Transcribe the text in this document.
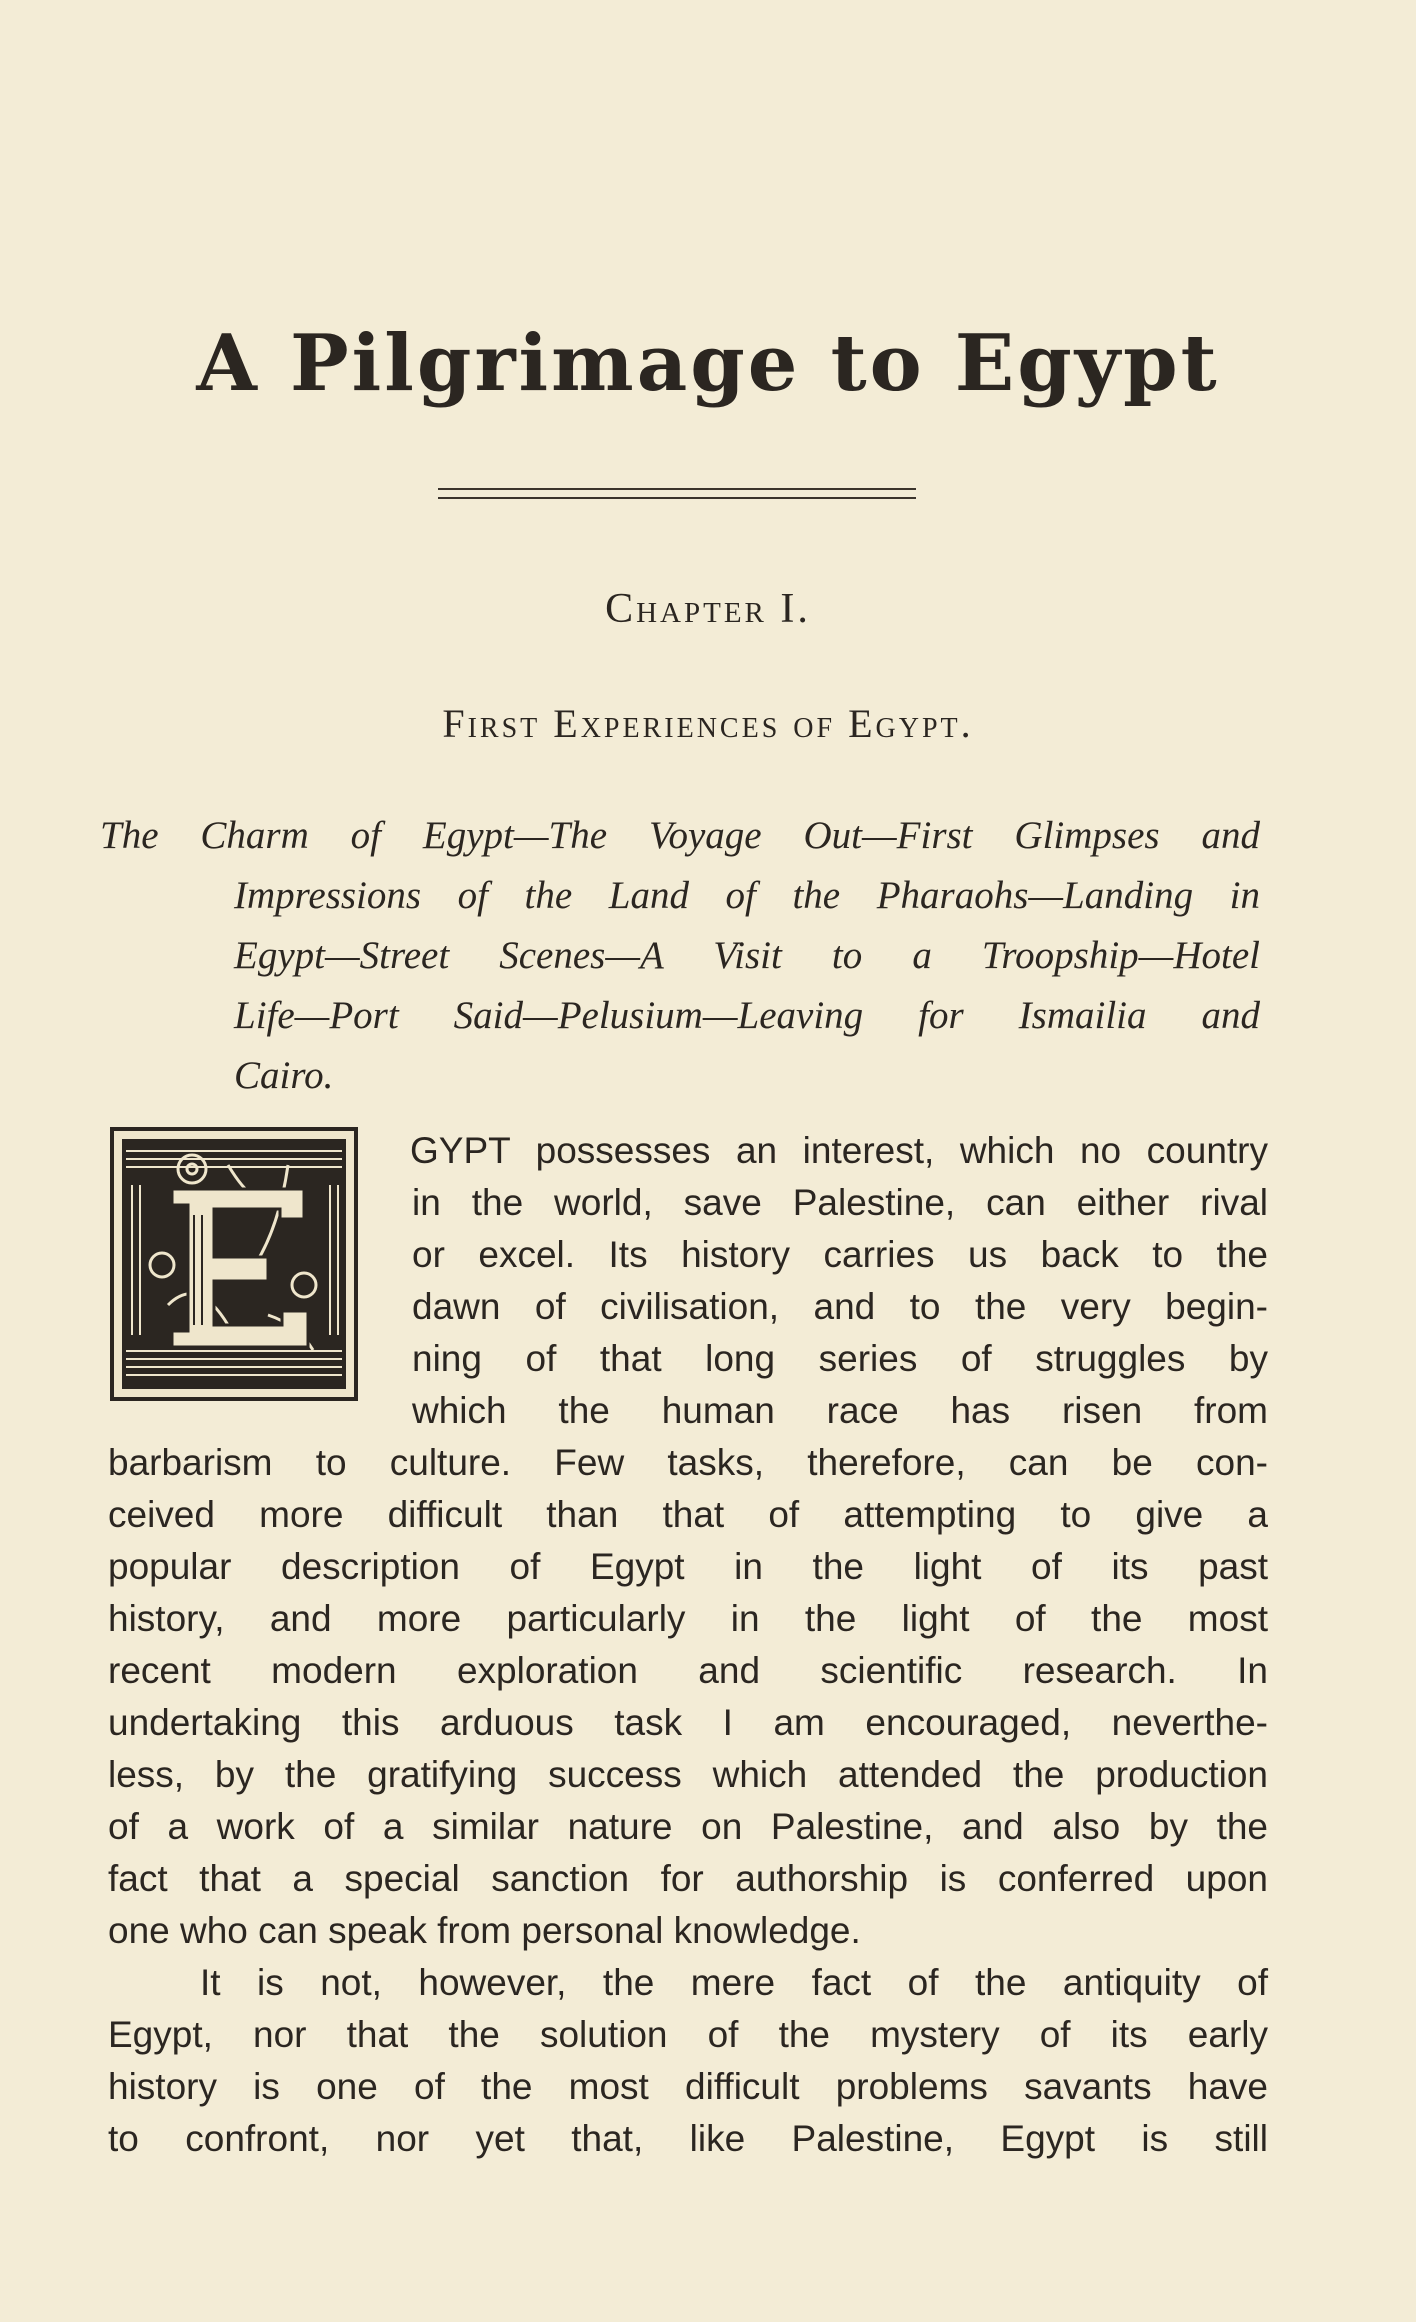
A Pilgrimage to Egypt
Chapter I.
First Experiences of Egypt.
The Charm of Egypt—The Voyage Out—First Glimpses and
Impressions of the Land of the Pharaohs—Landing in
Egypt—Street Scenes—A Visit to a Troopship—Hotel
Life—Port Said—Pelusium—Leaving for Ismailia and
Cairo.
E
GYPT possesses an interest, which no country
in the world, save Palestine, can either rival
or excel. Its history carries us back to the
dawn of civilisation, and to the very begin-
ning of that long series of struggles by
which the human race has risen from
barbarism to culture. Few tasks, therefore, can be con-
ceived more difficult than that of attempting to give a
popular description of Egypt in the light of its past
history, and more particularly in the light of the most
recent modern exploration and scientific research. In
undertaking this arduous task I am encouraged, neverthe-
less, by the gratifying success which attended the production
of a work of a similar nature on Palestine, and also by the
fact that a special sanction for authorship is conferred upon
one who can speak from personal knowledge.
It is not, however, the mere fact of the antiquity of
Egypt, nor that the solution of the mystery of its early
history is one of the most difficult problems savants have
to confront, nor yet that, like Palestine, Egypt is still
